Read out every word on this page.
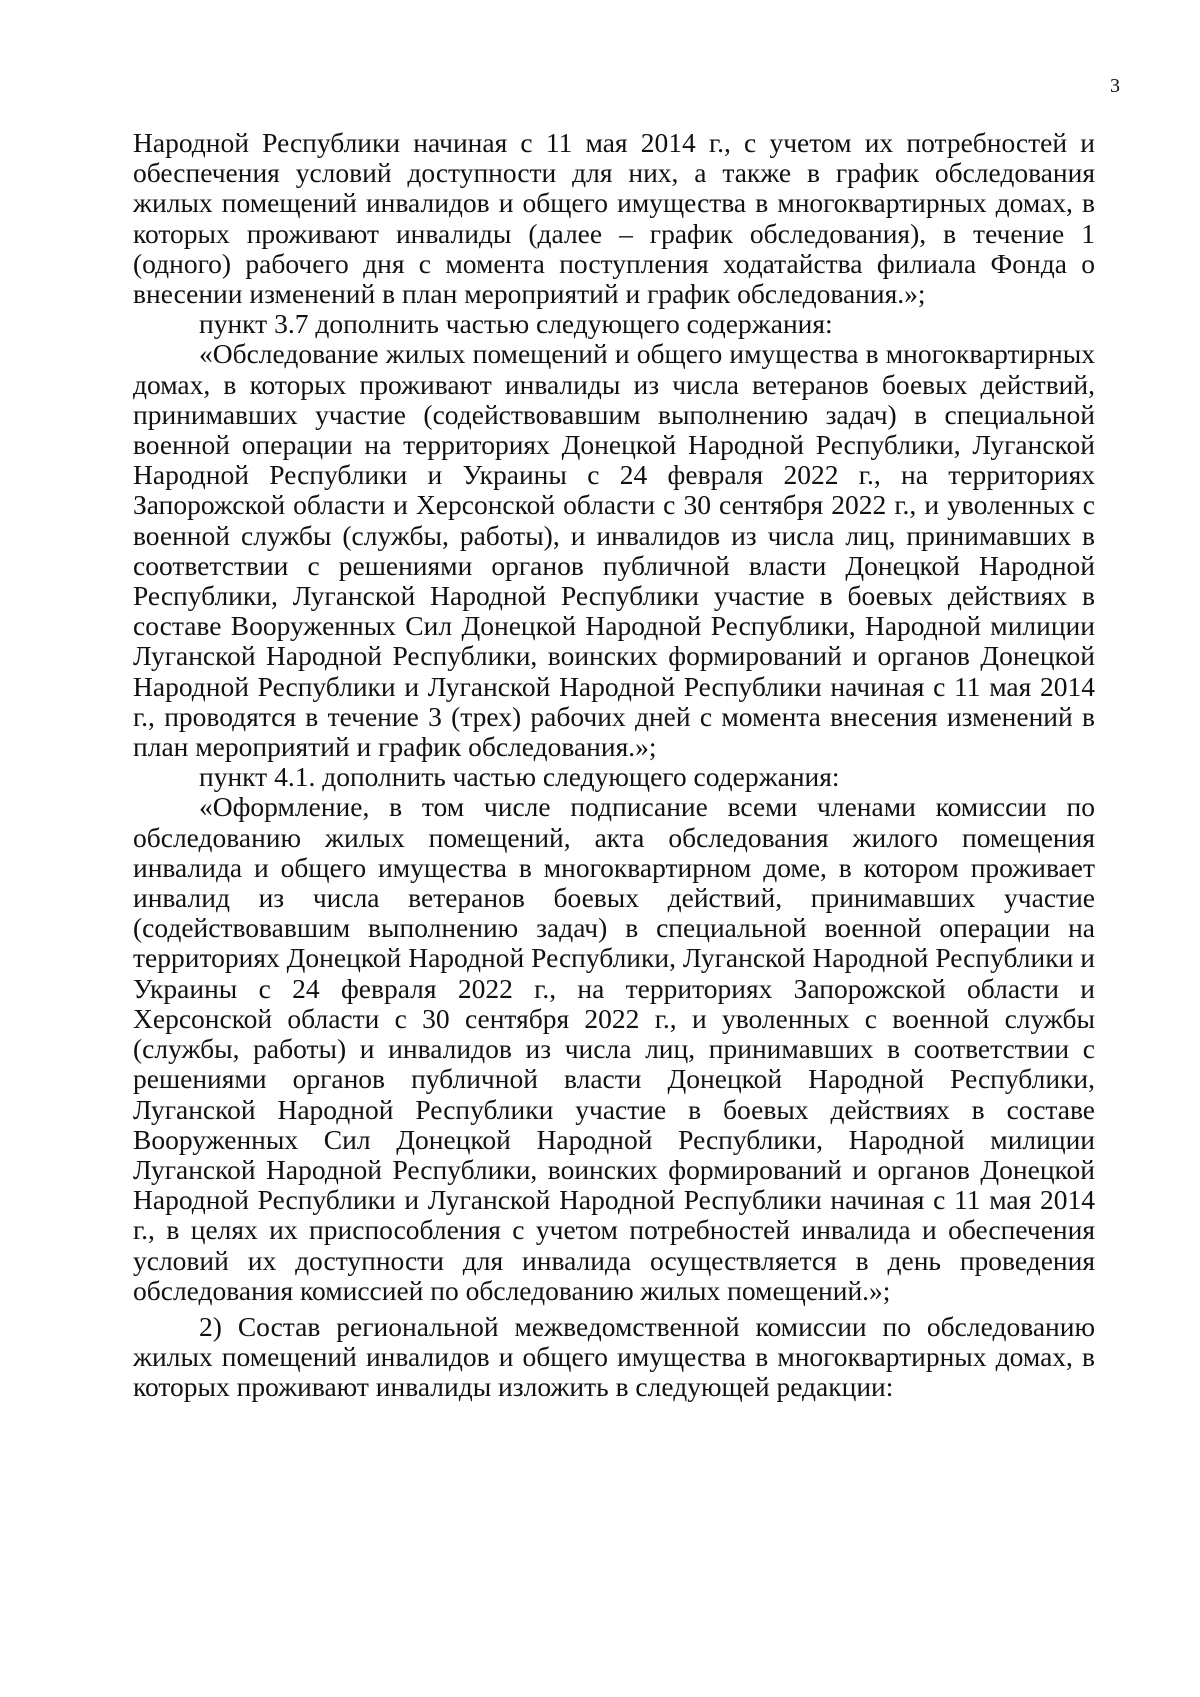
3

Народной Республики начиная с 11 мая 2014 г., с учетом их потребностей и обеспечения условий доступности для них, а также в график обследования жилых помещений инвалидов и общего имущества в многоквартирных домах, в которых проживают инвалиды (далее – график обследования), в течение 1 (одного) рабочего дня с момента поступления ходатайства филиала Фонда о внесении изменений в план мероприятий и график обследования.»;

пункт 3.7 дополнить частью следующего содержания:

«Обследование жилых помещений и общего имущества в многоквартирных домах, в которых проживают инвалиды из числа ветеранов боевых действий, принимавших участие (содействовавшим выполнению задач) в специальной военной операции на территориях Донецкой Народной Республики, Луганской Народной Республики и Украины с 24 февраля 2022 г., на территориях Запорожской области и Херсонской области с 30 сентября 2022 г., и уволенных с военной службы (службы, работы), и инвалидов из числа лиц, принимавших в соответствии с решениями органов публичной власти Донецкой Народной Республики, Луганской Народной Республики участие в боевых действиях в составе Вооруженных Сил Донецкой Народной Республики, Народной милиции Луганской Народной Республики, воинских формирований и органов Донецкой Народной Республики и Луганской Народной Республики начиная с 11 мая 2014 г., проводятся в течение 3 (трех) рабочих дней с момента внесения изменений в план мероприятий и график обследования.»;

пункт 4.1. дополнить частью следующего содержания:

«Оформление, в том числе подписание всеми членами комиссии по обследованию жилых помещений, акта обследования жилого помещения инвалида и общего имущества в многоквартирном доме, в котором проживает инвалид из числа ветеранов боевых действий, принимавших участие (содействовавшим выполнению задач) в специальной военной операции на территориях Донецкой Народной Республики, Луганской Народной Республики и Украины с 24 февраля 2022 г., на территориях Запорожской области и Херсонской области с 30 сентября 2022 г., и уволенных с военной службы (службы, работы) и инвалидов из числа лиц, принимавших в соответствии с решениями органов публичной власти Донецкой Народной Республики, Луганской Народной Республики участие в боевых действиях в составе Вооруженных Сил Донецкой Народной Республики, Народной милиции Луганской Народной Республики, воинских формирований и органов Донецкой Народной Республики и Луганской Народной Республики начиная с 11 мая 2014 г., в целях их приспособления с учетом потребностей инвалида и обеспечения условий их доступности для инвалида осуществляется в день проведения обследования комиссией по обследованию жилых помещений.»;

2) Состав региональной межведомственной комиссии по обследованию жилых помещений инвалидов и общего имущества в многоквартирных домах, в которых проживают инвалиды изложить в следующей редакции:
